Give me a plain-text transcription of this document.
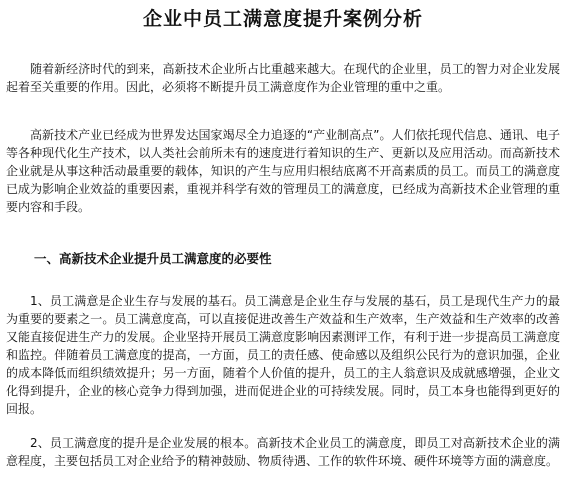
企业中员工满意度提升案例分析

随着新经济时代的到来，高新技术企业所占比重越来越大。在现代的企业里，员工的智力对企业发展起着至关重要的作用。因此，必须将不断提升员工满意度作为企业管理的重中之重。

高新技术产业已经成为世界发达国家竭尽全力追逐的“产业制高点”。人们依托现代信息、通讯、电子等各种现代化生产技术，以人类社会前所未有的速度进行着知识的生产、更新以及应用活动。而高新技术企业就是从事这种活动最重要的载体，知识的产生与应用归根结底离不开高素质的员工。而员工的满意度已成为影响企业效益的重要因素，重视并科学有效的管理员工的满意度，已经成为高新技术企业管理的重要内容和手段。

一、高新技术企业提升员工满意度的必要性

1、员工满意是企业生存与发展的基石。员工满意是企业生存与发展的基石，员工是现代生产力的最为重要的要素之一。员工满意度高，可以直接促进改善生产效益和生产效率，生产效益和生产效率的改善又能直接促进生产力的发展。企业坚持开展员工满意度影响因素测评工作，有利于进一步提高员工满意度和监控。伴随着员工满意度的提高，一方面，员工的责任感、使命感以及组织公民行为的意识加强，企业的成本降低而组织绩效提升；另一方面，随着个人价值的提升，员工的主人翁意识及成就感增强，企业文化得到提升，企业的核心竞争力得到加强，进而促进企业的可持续发展。同时，员工本身也能得到更好的回报。

2、员工满意度的提升是企业发展的根本。高新技术企业员工的满意度，即员工对高新技术企业的满意程度，主要包括员工对企业给予的精神鼓励、物质待遇、工作的软件环境、硬件环境等方面的满意度。
